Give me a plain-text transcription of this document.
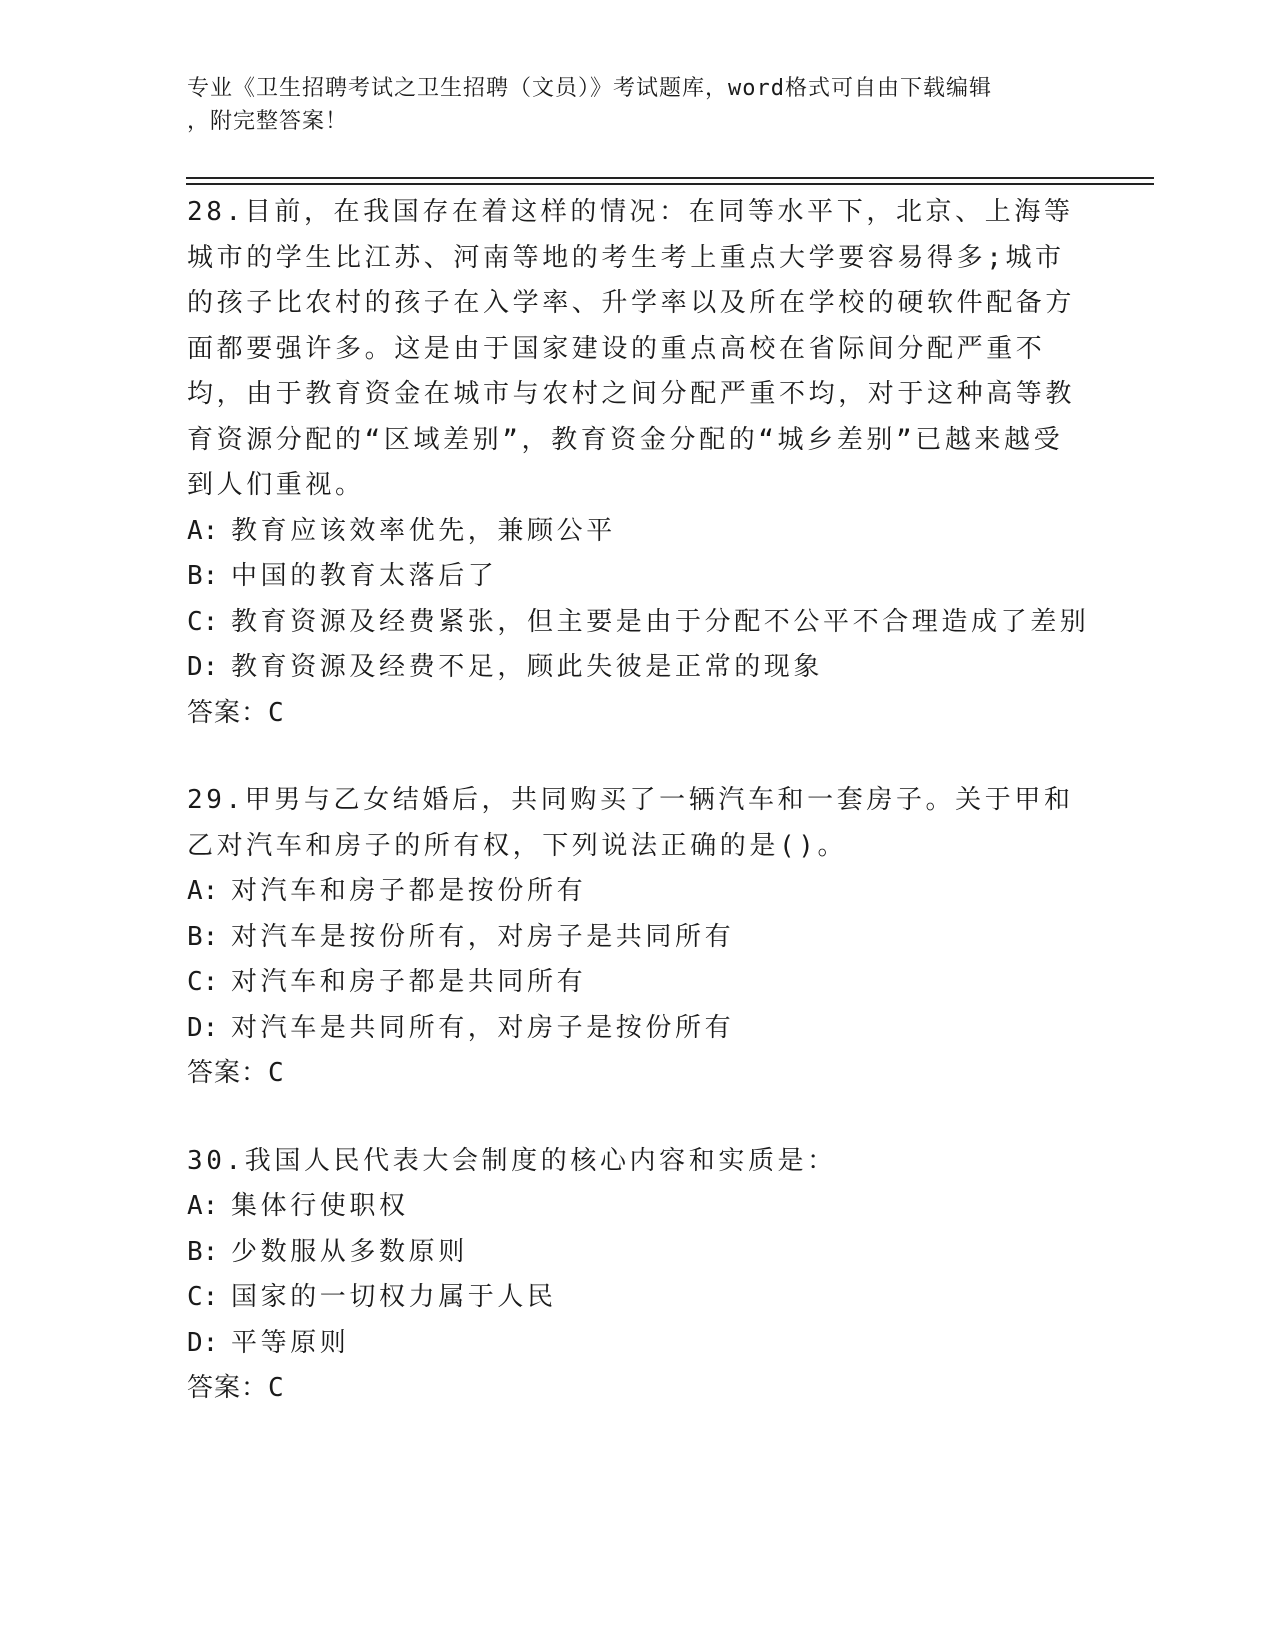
专业《卫生招聘考试之卫生招聘（文员）》考试题库，word格式可自由下载编辑
，附完整答案！

28.目前，在我国存在着这样的情况：在同等水平下，北京、上海等城市的学生比江苏、河南等地的考生考上重点大学要容易得多;城市的孩子比农村的孩子在入学率、升学率以及所在学校的硬软件配备方面都要强许多。这是由于国家建设的重点高校在省际间分配严重不均，由于教育资金在城市与农村之间分配严重不均，对于这种高等教育资源分配的“区域差别”，教育资金分配的“城乡差别”已越来越受到人们重视。

A: 教育应该效率优先，兼顾公平
B: 中国的教育太落后了
C: 教育资源及经费紧张，但主要是由于分配不公平不合理造成了差别
D: 教育资源及经费不足，顾此失彼是正常的现象
答案：C

29.甲男与乙女结婚后，共同购买了一辆汽车和一套房子。关于甲和乙对汽车和房子的所有权，下列说法正确的是()。

A: 对汽车和房子都是按份所有
B: 对汽车是按份所有，对房子是共同所有
C: 对汽车和房子都是共同所有
D: 对汽车是共同所有，对房子是按份所有
答案：C

30.我国人民代表大会制度的核心内容和实质是：

A: 集体行使职权
B: 少数服从多数原则
C: 国家的一切权力属于人民
D: 平等原则
答案：C
